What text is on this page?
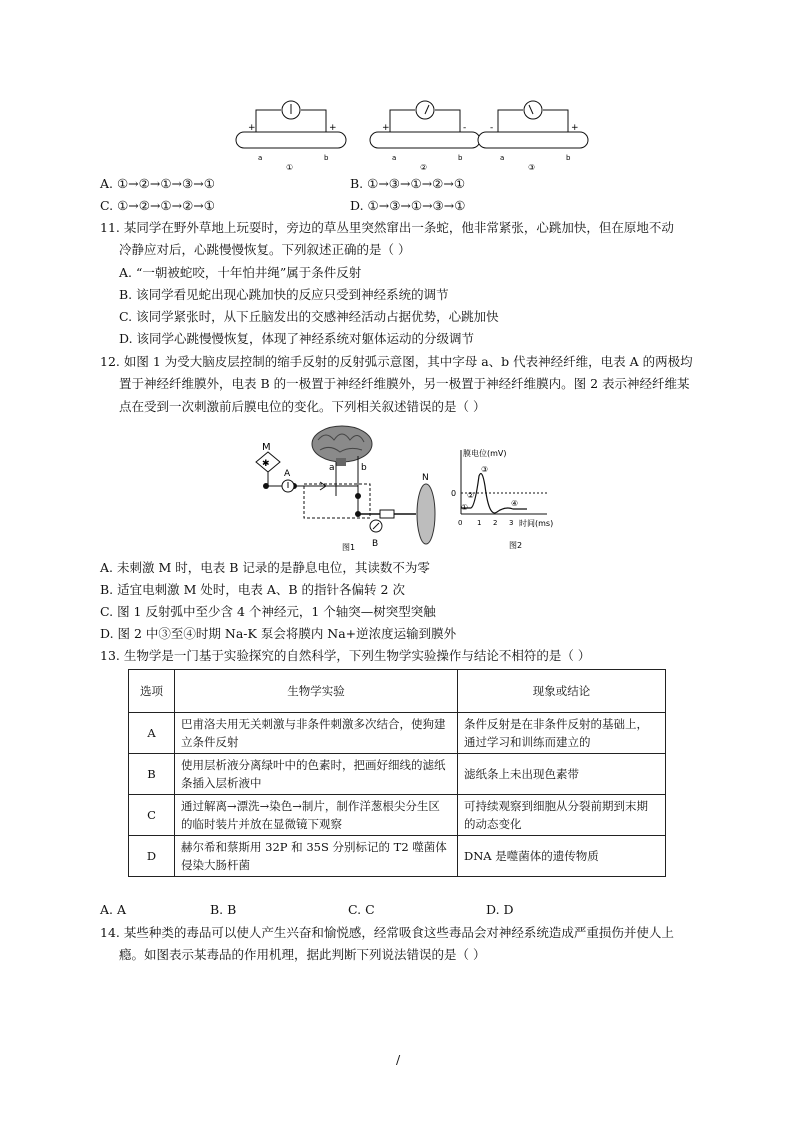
+	+
a	b
①
+	-
a	b
②
-	+
a	b
③
A. ①→②→①→③→①	B. ①→③→①→②→①
C. ①→②→①→②→①	D. ①→③→①→③→①
11. 某同学在野外草地上玩耍时，旁边的草丛里突然窜出一条蛇，他非常紧张，心跳加快，但在原地不动
冷静应对后，心跳慢慢恢复。下列叙述正确的是（ ）
A. “一朝被蛇咬，十年怕井绳”属于条件反射
B. 该同学看见蛇出现心跳加快的反应只受到神经系统的调节
C. 该同学紧张时，从下丘脑发出的交感神经活动占据优势，心跳加快
D. 该同学心跳慢慢恢复，体现了神经系统对躯体运动的分级调节
12. 如图 1 为受大脑皮层控制的缩手反射的反射弧示意图，其中字母 a、b 代表神经纤维，电表 A 的两极均
置于神经纤维膜外，电表 B 的一极置于神经纤维膜外，另一极置于神经纤维膜内。图 2 表示神经纤维某
点在受到一次刺激前后膜电位的变化。下列相关叙述错误的是（ ）
a	b
✱
M
A
B
N
图1
膜电位(mV)
时间(ms)
0
0 1 2 3
①
②
③
④
图2
A. 未刺激 M 时，电表 B 记录的是静息电位，其读数不为零
B. 适宜电刺激 M 处时，电表 A、B 的指针各偏转 2 次
C. 图 1 反射弧中至少含 4 个神经元，1 个轴突—树突型突触
D. 图 2 中③至④时期 Na-K 泵会将膜内 Na+逆浓度运输到膜外
13. 生物学是一门基于实验探究的自然科学，下列生物学实验操作与结论不相符的是（ ）
选项	生物学实验	现象或结论
A	巴甫洛夫用无关刺激与非条件刺激多次结合，使狗建立条件反射	条件反射是在非条件反射的基础上，通过学习和训练而建立的
B	使用层析液分离绿叶中的色素时，把画好细线的滤纸条插入层析液中	滤纸条上未出现色素带
C	通过解离→漂洗→染色→制片，制作洋葱根尖分生区的临时装片并放在显微镜下观察	可持续观察到细胞从分裂前期到末期的动态变化
D	赫尔希和蔡斯用 32P 和 35S 分别标记的 T2 噬菌体侵染大肠杆菌	DNA 是噬菌体的遗传物质
A. A	B. B	C. C	D. D
14. 某些种类的毒品可以使人产生兴奋和愉悦感，经常吸食这些毒品会对神经系统造成严重损伤并使人上
瘾。如图表示某毒品的作用机理，据此判断下列说法错误的是（ ）
/
